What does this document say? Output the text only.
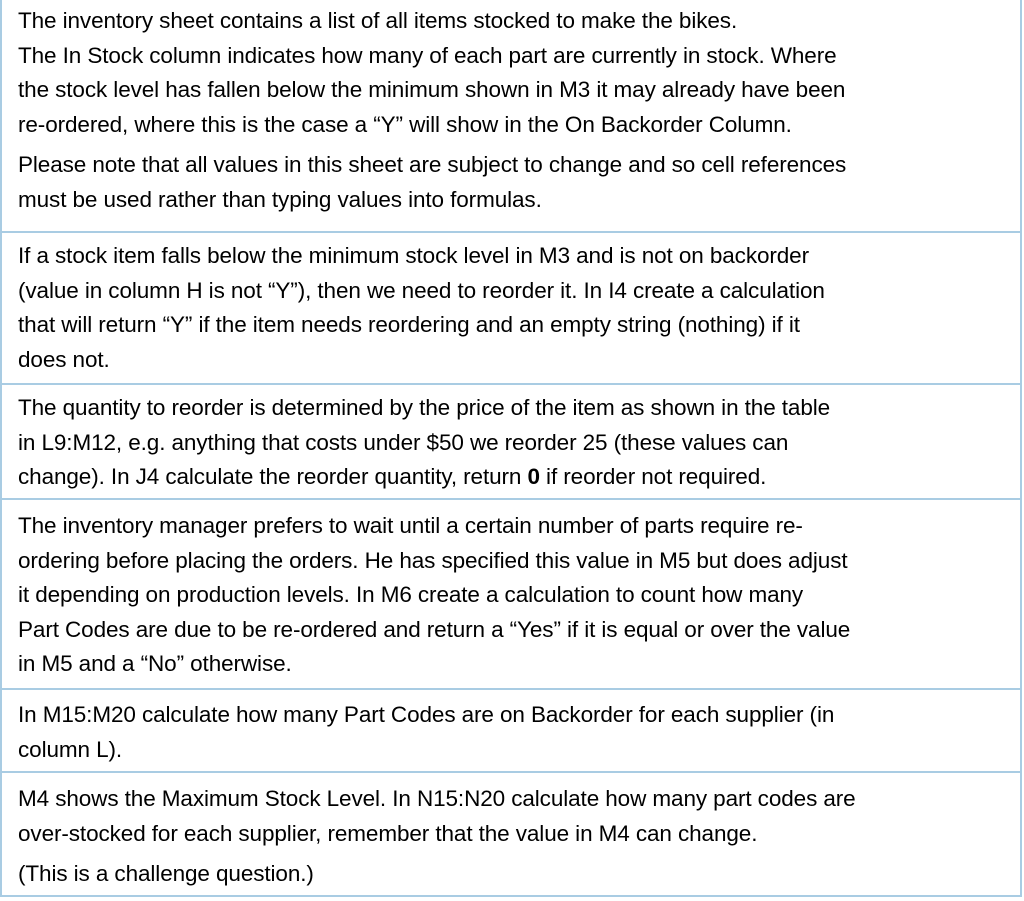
The inventory sheet contains a list of all items stocked to make the bikes.
The In Stock column indicates how many of each part are currently in stock. Where
the stock level has fallen below the minimum shown in M3 it may already have been
re-ordered, where this is the case a “Y” will show in the On Backorder Column.
Please note that all values in this sheet are subject to change and so cell references
must be used rather than typing values into formulas.
If a stock item falls below the minimum stock level in M3 and is not on backorder
(value in column H is not “Y”), then we need to reorder it. In I4 create a calculation
that will return “Y” if the item needs reordering and an empty string (nothing) if it
does not.
The quantity to reorder is determined by the price of the item as shown in the table
in L9:M12, e.g. anything that costs under $50 we reorder 25 (these values can
change). In J4 calculate the reorder quantity, return 0 if reorder not required.
The inventory manager prefers to wait until a certain number of parts require re-
ordering before placing the orders. He has specified this value in M5 but does adjust
it depending on production levels. In M6 create a calculation to count how many
Part Codes are due to be re-ordered and return a “Yes” if it is equal or over the value
in M5 and a “No” otherwise.
In M15:M20 calculate how many Part Codes are on Backorder for each supplier (in
column L).
M4 shows the Maximum Stock Level. In N15:N20 calculate how many part codes are
over-stocked for each supplier, remember that the value in M4 can change.
(This is a challenge question.)
